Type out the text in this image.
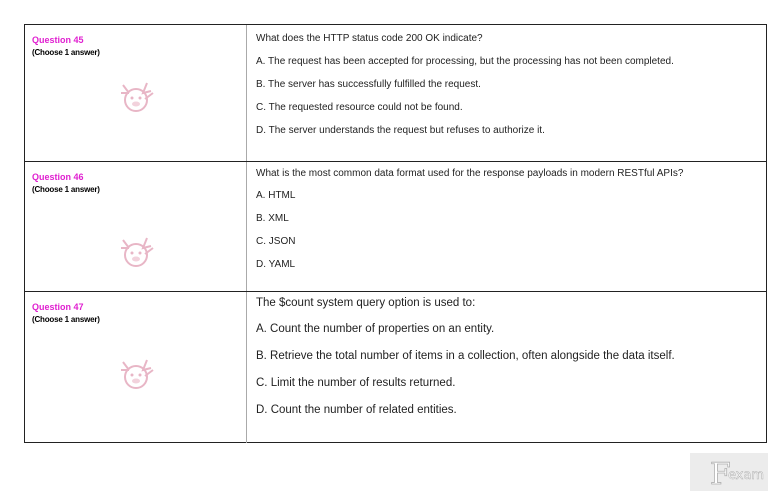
Question 45
(Choose 1 answer)
What does the HTTP status code 200 OK indicate?
A. The request has been accepted for processing, but the processing has not been completed.
B. The server has successfully fulfilled the request.
C. The requested resource could not be found.
D. The server understands the request but refuses to authorize it.
Question 46
(Choose 1 answer)
What is the most common data format used for the response payloads in modern RESTful APIs?
A. HTML
B. XML
C. JSON
D. YAML
Question 47
(Choose 1 answer)
The $count system query option is used to:
A. Count the number of properties on an entity.
B. Retrieve the total number of items in a collection, often alongside the data itself.
C. Limit the number of results returned.
D. Count the number of related entities.
F
exam
